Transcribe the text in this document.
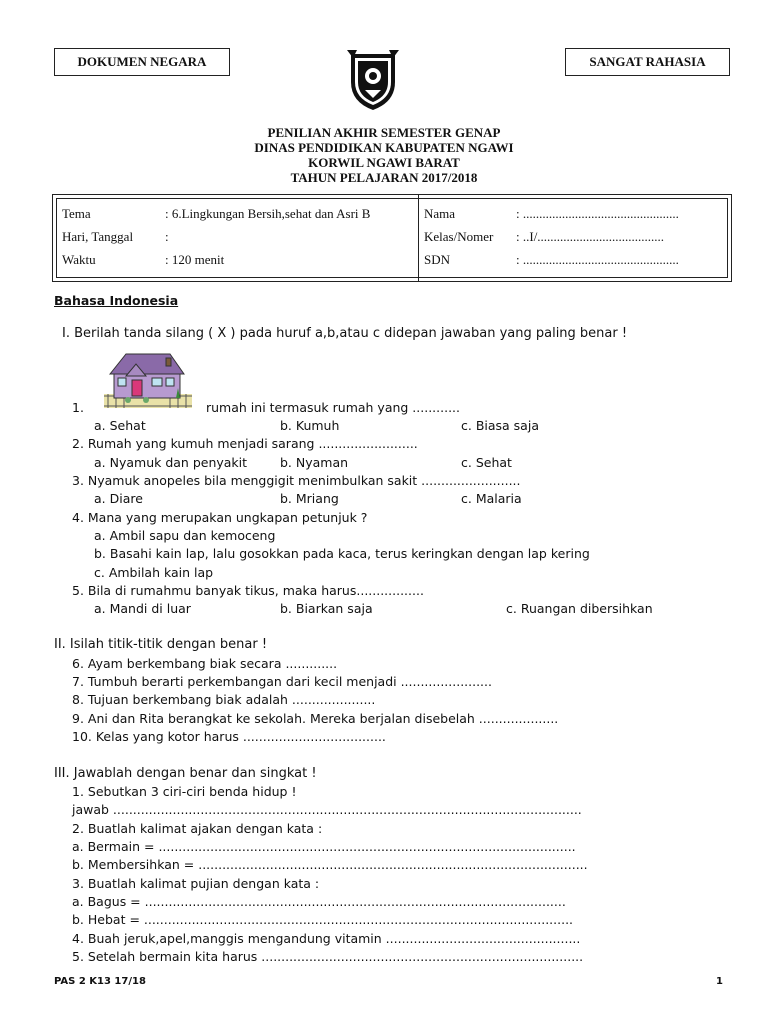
DOKUMEN NEGARA	SANGAT RAHASIA
PENILIAN AKHIR SEMESTER GENAP
DINAS PENDIDIKAN KABUPATEN NGAWI
KORWIL NGAWI BARAT
TAHUN PELAJARAN 2017/2018
Tema	: 6.Lingkungan Bersih,sehat dan Asri B
Hari, Tanggal :
Waktu	: 120 menit
Nama	: ................................................
Kelas/Nomer : ..I/.......................................
SDN	: ................................................
Bahasa Indonesia
I. Berilah tanda silang ( X ) pada huruf a,b,atau c didepan jawaban yang paling benar !
1.	rumah ini termasuk rumah yang ............
a. Sehat	b. Kumuh	c. Biasa saja
2. Rumah yang kumuh menjadi sarang .........................
a. Nyamuk dan penyakit	b. Nyaman	c. Sehat
3. Nyamuk anopeles bila menggigit menimbulkan sakit .........................
a. Diare	b. Mriang	c. Malaria
4. Mana yang merupakan ungkapan petunjuk ?
a. Ambil sapu dan kemoceng
b. Basahi kain lap, lalu gosokkan pada kaca, terus keringkan dengan lap kering
c. Ambilah kain lap
5. Bila di rumahmu banyak tikus, maka harus.................
a. Mandi di luar	b. Biarkan saja	c. Ruangan dibersihkan
II. Isilah titik-titik dengan benar !
6. Ayam berkembang biak secara .............
7. Tumbuh berarti perkembangan dari kecil menjadi .......................
8. Tujuan berkembang biak adalah .....................
9. Ani dan Rita berangkat ke sekolah. Mereka berjalan disebelah ....................
10. Kelas yang kotor harus ....................................
III. Jawablah dengan benar dan singkat !
1. Sebutkan 3 ciri-ciri benda hidup !
jawab ......................................................................................................................
2. Buatlah kalimat ajakan dengan kata :
a. Bermain = .........................................................................................................
b. Membersihkan = ..................................................................................................
3. Buatlah kalimat pujian dengan kata :
a. Bagus = ..........................................................................................................
b. Hebat = ............................................................................................................
4. Buah jeruk,apel,manggis mengandung vitamin .................................................
5. Setelah bermain kita harus .................................................................................
PAS 2 K13 17/18	1
